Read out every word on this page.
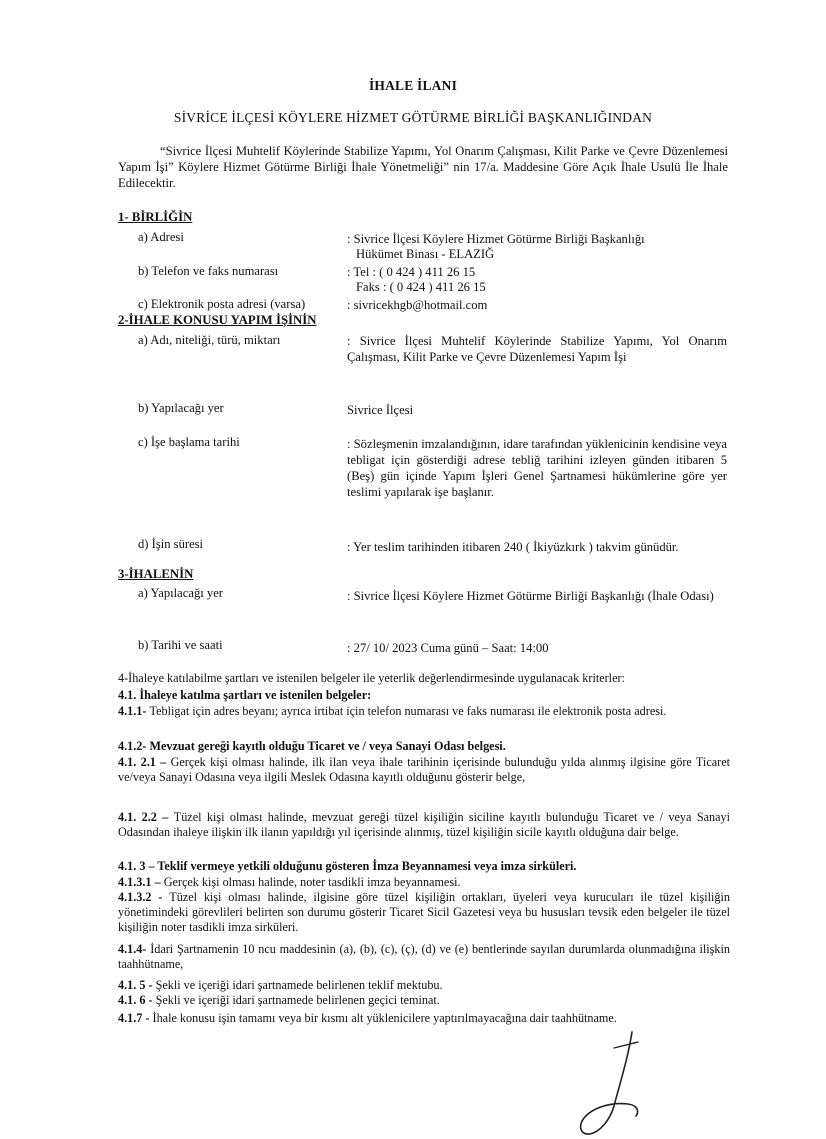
İHALE İLANI
SİVRİCE İLÇESİ KÖYLERE HİZMET GÖTÜRME BİRLİĞİ BAŞKANLIĞINDAN
“Sivrice İlçesi Muhtelif Köylerinde Stabilize Yapımı, Yol Onarım Çalışması, Kilit Parke ve Çevre Düzenlemesi Yapım İşi” Köylere Hizmet Götürme Birliği İhale Yönetmeliği” nin 17/a. Maddesine Göre Açık İhale Usulü İle İhale Edilecektir.
1- BİRLİĞİN
a) Adresi	: Sivrice İlçesi Köylere Hizmet Götürme Birliği Başkanlığı
Hükümet Binası - ELAZIĞ
b) Telefon ve faks numarası	: Tel : ( 0 424 ) 411 26 15
Faks : ( 0 424 ) 411 26 15
c) Elektronik posta adresi (varsa)	: sivricekhgb@hotmail.com
2-İHALE KONUSU YAPIM İŞİNİN
a) Adı, niteliği, türü, miktarı	: Sivrice İlçesi Muhtelif Köylerinde Stabilize Yapımı, Yol Onarım Çalışması, Kilit Parke ve Çevre Düzenlemesi Yapım İşi
b) Yapılacağı yer	Sivrice İlçesi
c) İşe başlama tarihi	: Sözleşmenin imzalandığının, idare tarafından yüklenicinin kendisine veya tebligat için gösterdiği adrese tebliğ tarihini izleyen günden itibaren 5 (Beş) gün içinde Yapım İşleri Genel Şartnamesi hükümlerine göre yer teslimi yapılarak işe başlanır.
d) İşin süresi	: Yer teslim tarihinden itibaren 240 ( İkiyüzkırk ) takvim günüdür.
3-İHALENİN
a) Yapılacağı yer	: Sivrice İlçesi Köylere Hizmet Götürme Birliği Başkanlığı (İhale Odası)
b) Tarihi ve saati	: 27/ 10/ 2023 Cuma günü – Saat: 14:00
4-İhaleye katılabilme şartları ve istenilen belgeler ile yeterlik değerlendirmesinde uygulanacak kriterler:
4.1. İhaleye katılma şartları ve istenilen belgeler:
4.1.1- Tebligat için adres beyanı; ayrıca irtibat için telefon numarası ve faks numarası ile elektronik posta adresi.
4.1.2- Mevzuat gereği kayıtlı olduğu Ticaret ve / veya Sanayi Odası belgesi.
4.1. 2.1 – Gerçek kişi olması halinde, ilk ilan veya ihale tarihinin içerisinde bulunduğu yılda alınmış ilgisine göre Ticaret ve/veya Sanayi Odasına veya ilgili Meslek Odasına kayıtlı olduğunu gösterir belge,
4.1. 2.2 – Tüzel kişi olması halinde, mevzuat gereği tüzel kişiliğin siciline kayıtlı bulunduğu Ticaret ve / veya Sanayi Odasından ihaleye ilişkin ilk ilanın yapıldığı yıl içerisinde alınmış, tüzel kişiliğin sicile kayıtlı olduğuna dair belge.
4.1. 3 – Teklif vermeye yetkili olduğunu gösteren İmza Beyannamesi veya imza sirküleri.
4.1.3.1 – Gerçek kişi olması halinde, noter tasdikli imza beyannamesi.
4.1.3.2 - Tüzel kişi olması halinde, ilgisine göre tüzel kişiliğin ortakları, üyeleri veya kurucuları ile tüzel kişiliğin yönetimindeki görevlileri belirten son durumu gösterir Ticaret Sicil Gazetesi veya bu hususları tevsik eden belgeler ile tüzel kişiliğin noter tasdikli imza sirküleri.
4.1.4- İdari Şartnamenin 10 ncu maddesinin (a), (b), (c), (ç), (d) ve (e) bentlerinde sayılan durumlarda olunmadığına ilişkin taahhütname,
4.1. 5 - Şekli ve içeriği idari şartnamede belirlenen teklif mektubu.
4.1. 6 - Şekli ve içeriği idari şartnamede belirlenen geçici teminat.
4.1.7 - İhale konusu işin tamamı veya bir kısmı alt yüklenicilere yaptırılmayacağına dair taahhütname.
